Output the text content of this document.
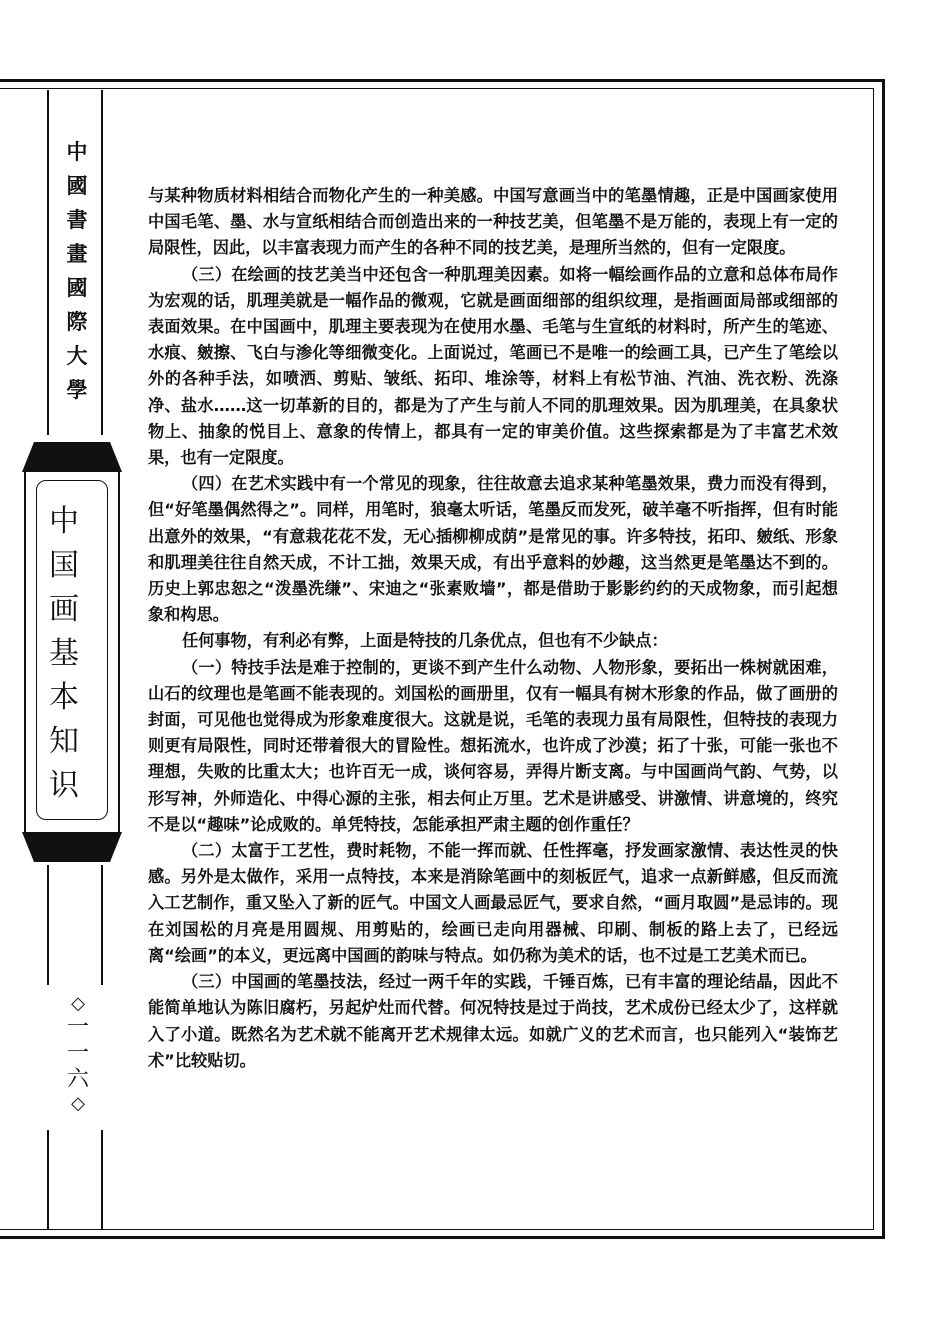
中
國
書
畫
國
際
大
學
中
国
画
基
本
知
识
◇
一
一
六
◇

与某种物质材料相结合而物化产生的一种美感。中国写意画当中的笔墨情趣，正是中国画家使用中国毛笔、墨、水与宣纸相结合而创造出来的一种技艺美，但笔墨不是万能的，表现上有一定的局限性，因此，以丰富表现力而产生的各种不同的技艺美，是理所当然的，但有一定限度。

（三）在绘画的技艺美当中还包含一种肌理美因素。如将一幅绘画作品的立意和总体布局作为宏观的话，肌理美就是一幅作品的微观，它就是画面细部的组织纹理，是指画面局部或细部的表面效果。在中国画中，肌理主要表现为在使用水墨、毛笔与生宣纸的材料时，所产生的笔迹、水痕、皴擦、飞白与渗化等细微变化。上面说过，笔画已不是唯一的绘画工具，已产生了笔绘以外的各种手法，如喷洒、剪贴、皱纸、拓印、堆涂等，材料上有松节油、汽油、洗衣粉、洗涤净、盐水……这一切革新的目的，都是为了产生与前人不同的肌理效果。因为肌理美，在具象状物上、抽象的悦目上、意象的传情上，都具有一定的审美价值。这些探索都是为了丰富艺术效果，也有一定限度。

（四）在艺术实践中有一个常见的现象，往往故意去追求某种笔墨效果，费力而没有得到，但“好笔墨偶然得之”。同样，用笔时，狼毫太听话，笔墨反而发死，破羊毫不听指挥，但有时能出意外的效果，“有意栽花花不发，无心插柳柳成荫”是常见的事。许多特技，拓印、皴纸、形象和肌理美往往自然天成，不计工拙，效果天成，有出乎意料的妙趣，这当然更是笔墨达不到的。历史上郭忠恕之“泼墨洗缣”、宋迪之“张素败墙”，都是借助于影影约约的天成物象，而引起想象和构思。

任何事物，有利必有弊，上面是特技的几条优点，但也有不少缺点：

（一）特技手法是难于控制的，更谈不到产生什么动物、人物形象，要拓出一株树就困难，山石的纹理也是笔画不能表现的。刘国松的画册里，仅有一幅具有树木形象的作品，做了画册的封面，可见他也觉得成为形象难度很大。这就是说，毛笔的表现力虽有局限性，但特技的表现力则更有局限性，同时还带着很大的冒险性。想拓流水，也许成了沙漠；拓了十张，可能一张也不理想，失败的比重太大；也许百无一成，谈何容易，弄得片断支离。与中国画尚气韵、气势，以形写神，外师造化、中得心源的主张，相去何止万里。艺术是讲感受、讲激情、讲意境的，终究不是以“趣味”论成败的。单凭特技，怎能承担严肃主题的创作重任？

（二）太富于工艺性，费时耗物，不能一挥而就、任性挥毫，抒发画家激情、表达性灵的快感。另外是太做作，采用一点特技，本来是消除笔画中的刻板匠气，追求一点新鲜感，但反而流入工艺制作，重又坠入了新的匠气。中国文人画最忌匠气，要求自然，“画月取圆”是忌讳的。现在刘国松的月亮是用圆规、用剪贴的，绘画已走向用器械、印刷、制板的路上去了，已经远离“绘画”的本义，更远离中国画的韵味与特点。如仍称为美术的话，也不过是工艺美术而已。

（三）中国画的笔墨技法，经过一两千年的实践，千锤百炼，已有丰富的理论结晶，因此不能简单地认为陈旧腐朽，另起炉灶而代替。何况特技是过于尚技，艺术成份已经太少了，这样就入了小道。既然名为艺术就不能离开艺术规律太远。如就广义的艺术而言，也只能列入“装饰艺术”比较贴切。
